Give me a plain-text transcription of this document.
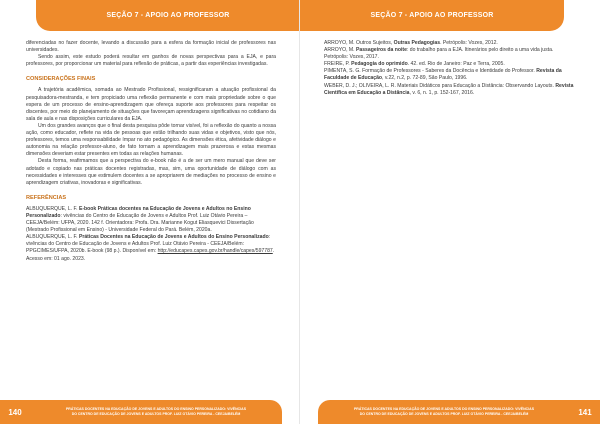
SEÇÃO 7 - APOIO AO PROFESSOR

diferenciadas no fazer docente, levando a discussão para a esfera da formação inicial de professores nas universidades.

Sendo assim, este estudo poderá resultar em ganhos de novas perspectivas para a EJA, e para professores, por proporcionar um material para reflexão de práticas, a partir das experiências investigadas.

CONSIDERAÇÕES FINAIS

A trajetória acadêmica, somada ao Mestrado Profissional, ressignificaram a atuação profissional da pesquisadora-mestranda, e tem propiciado uma reflexão permanente e com mais propriedade sobre o que espera de um processo de ensino-aprendizagem que ofereça suporte aos professores para respeitar os discentes, por meio do planejamento de situações que favoreçam aprendizagens significativas no cotidiano da sala de aula e nas disposições curriculares da EJA.

Um dos grandes avanços que o final desta pesquisa pôde tornar visível, foi a reflexão do quanto a nossa ação, como educador, reflete na vida de pessoas que estão trilhando suas vidas e objetivos, visto que nós, professores, temos uma responsabilidade ímpar no ato pedagógico. As dimensões ética, afetividade diálogo e autonomia na relação professor-aluno, de fato tornam a aprendizagem mais prazerosa e estas mesmas dimensões deveriam estar presentes em todas as relações humanas.

Desta forma, reafirmamos que a perspectiva do e-book não é a de ser um mero manual que deve ser adotado e copiado nas práticas docentes registradas, mas, sim, uma oportunidade de diálogo com as necessidades e interesses que estimulem docentes a se apropriarem de mediações no processo de ensino e aprendizagem criativas, inovadoras e significativas.

REFERÊNCIAS

ALBUQUERQUE, L. F. E-book Práticas docentes na Educação de Jovens e Adultos no Ensino Personalizado: vivências do Centro de Educação de Jovens e Adultos Prof. Luiz Otávio Pereira – CEEJA/Belém: UFPA, 2020. 142 f. Orientadora: Profa. Dra. Marianne Kogut Eliasquevici Dissertação (Mestrado Profissional em Ensino) - Universidade Federal do Pará. Belém, 2020a.

ALBUQUERQUE, L. F. Práticas Docentes na Educação de Jovens e Adultos do Ensino Personalizado: vivências do Centro de Educação de Jovens e Adultos Prof. Luiz Otávio Pereira - CEEJA/Belém: PPGCIMES/UFPA, 2020b. E-book (98 p.). Disponível em: http://educapes.capes.gov.br/handle/capes/597787. Acesso em: 01 ago. 2023.

140	PRÁTICAS DOCENTES NA EDUCAÇÃO DE JOVENS E ADULTOS DO ENSINO PERSONALIZADO: VIVÊNCIAS
DO CENTRO DE EDUCAÇÃO DE JOVENS E ADULTOS PROF. LUIZ OTÁVIO PEREIRA - CEEJA/BELÉM
SEÇÃO 7 - APOIO AO PROFESSOR

ARROYO, M. Outros Sujeitos, Outras Pedagogias. Petrópolis: Vozes, 2012.

ARROYO, M. Passageiros da noite: do trabalho para a EJA. Itinerários pelo direito a uma vida justa. Petrópolis: Vozes, 2017.

FREIRE, P. Pedagogia do oprimido. 42. ed. Rio de Janeiro: Paz e Terra, 2005.

PIMENTA, S. G. Formação de Professores - Saberes da Docência e Identidade do Professor. Revista da Faculdade de Educação, v.22, n.2, p. 72-89, São Paulo, 1996.

WEBER, D. J.; OLIVEIRA, L. R. Materiais Didáticos para Educação a Distância: Observando Layouts. Revista Científica em Educação a Distância, v. 6, n. 1, p. 152-167, 2016.

PRÁTICAS DOCENTES NA EDUCAÇÃO DE JOVENS E ADULTOS DO ENSINO PERSONALIZADO: VIVÊNCIAS
DO CENTRO DE EDUCAÇÃO DE JOVENS E ADULTOS PROF. LUIZ OTÁVIO PEREIRA - CEEJA/BELÉM	141
